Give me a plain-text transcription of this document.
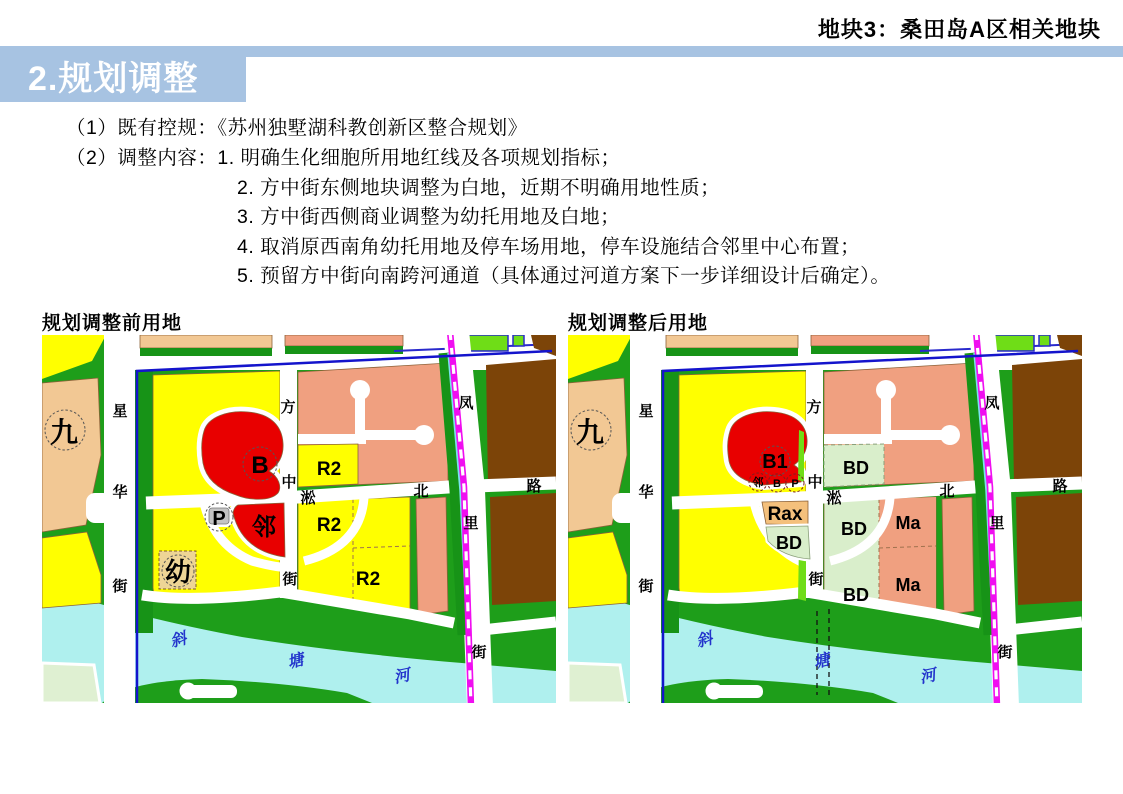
地块3：桑田岛A区相关地块
2.规划调整
（1）既有控规：《苏州独墅湖科教创新区整合规划》
（2）调整内容：1. 明确生化细胞所用地红线及各项规划指标；
2. 方中街东侧地块调整为白地，近期不明确用地性质；
3. 方中街西侧商业调整为幼托用地及白地；
4. 取消原西南角幼托用地及停车场用地，停车设施结合邻里中心布置；
5. 预留方中街向南跨河通道（具体通过河道方案下一步详细设计后确定）。
规划调整前用地	规划调整后用地
九
星
华
街
方
中
街
淞	北	路
凤
里
街
B
邻
P
幼
R2
R2
R2
斜
塘
河
九
星
华
街
方
中
街
淞	北	路
凤
里
街
B1
邻 B P
Rax
BD
BD
BD
BD
Ma
Ma
斜
塘
河
